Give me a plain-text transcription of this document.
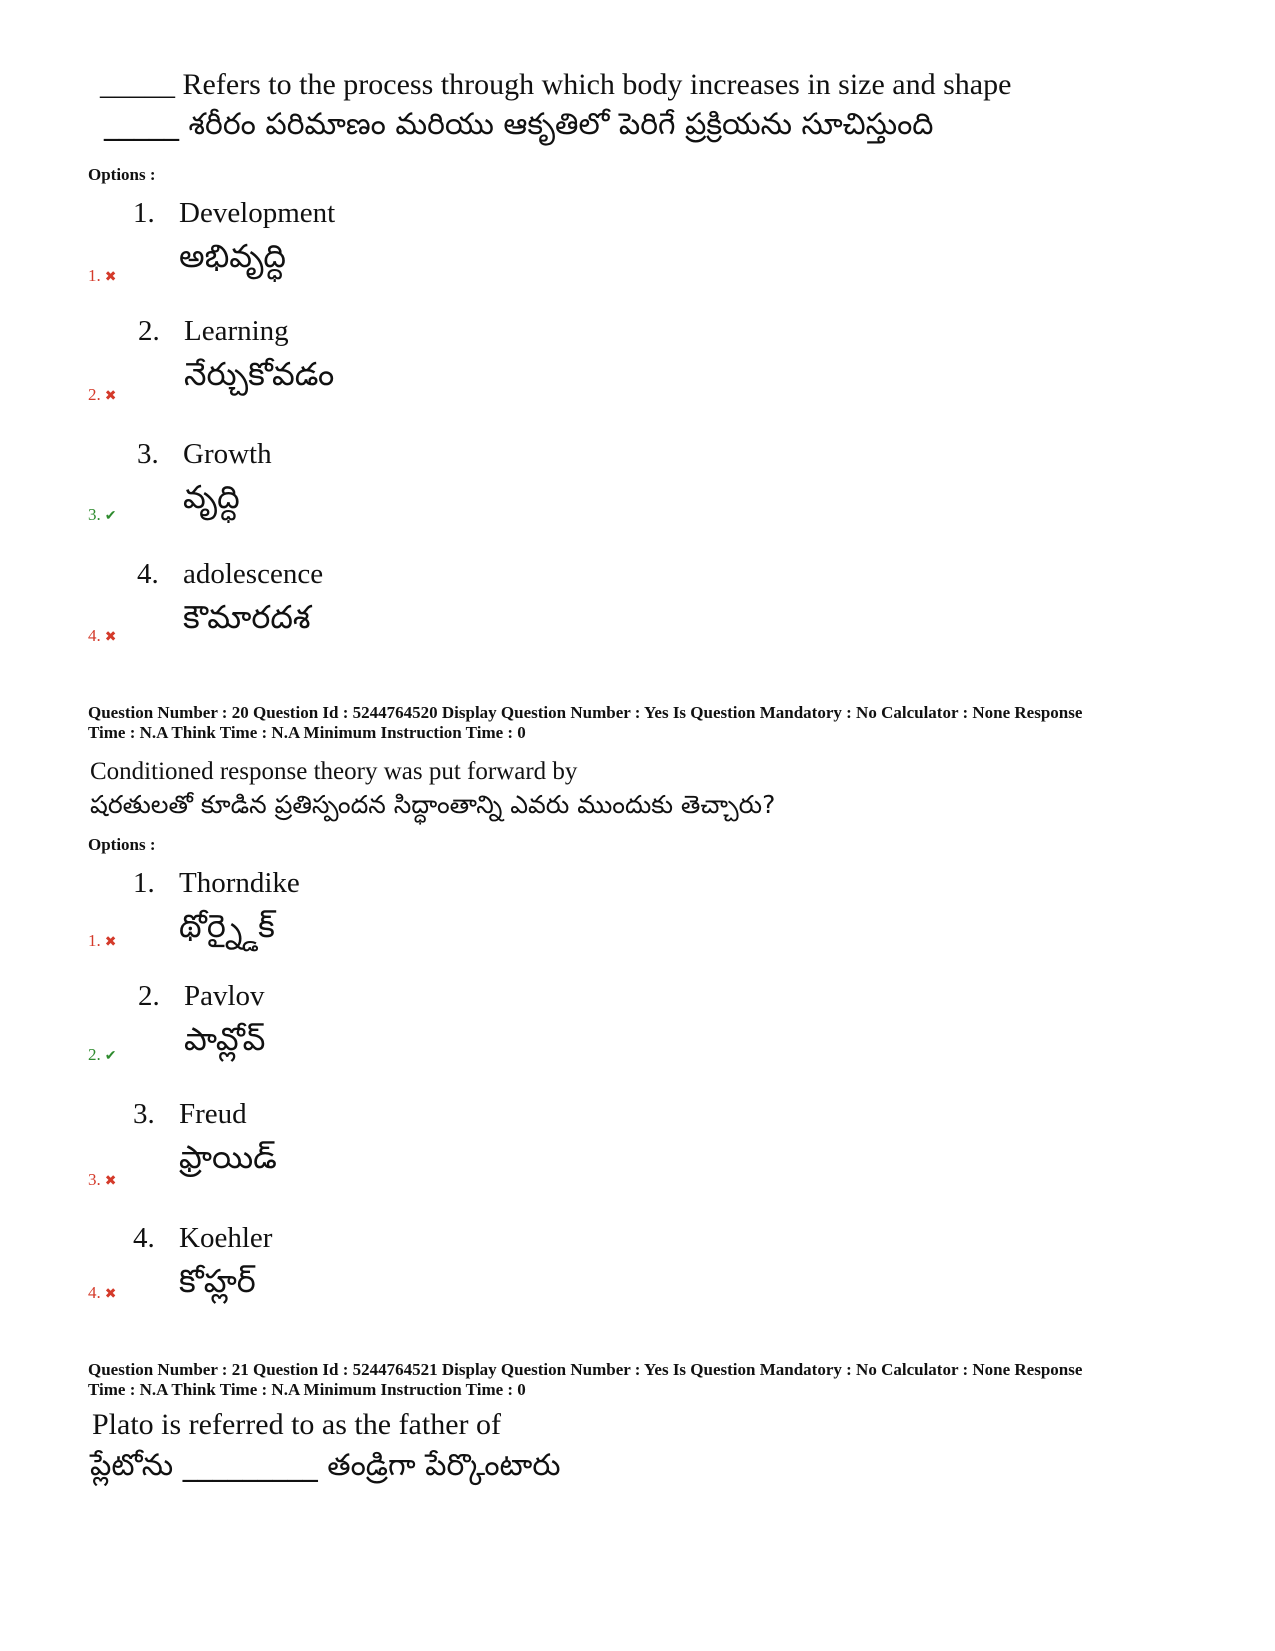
_____ Refers to the process through which body increases in size and shape
_____ శరీరం పరిమాణం మరియు ఆకృతిలో పెరిగే ప్రక్రియను సూచిస్తుంది
Options :
1. Development
అభివృద్ధి
1. ✖
2. Learning
నేర్చుకోవడం
2. ✖
3. Growth
వృద్ధి
3. ✔
4. adolescence
కౌమారదశ
4. ✖
Question Number : 20 Question Id : 5244764520 Display Question Number : Yes Is Question Mandatory : No Calculator : None Response
Time : N.A Think Time : N.A Minimum Instruction Time : 0
Conditioned response theory was put forward by
షరతులతో కూడిన ప్రతిస్పందన సిద్ధాంతాన్ని ఎవరు ముందుకు తెచ్చారు?
Options :
1. Thorndike
థోర్న్డైక్
1. ✖
2. Pavlov
పావ్లోవ్
2. ✔
3. Freud
ఫ్రాయిడ్
3. ✖
4. Koehler
కోహ్లర్
4. ✖
Question Number : 21 Question Id : 5244764521 Display Question Number : Yes Is Question Mandatory : No Calculator : None Response
Time : N.A Think Time : N.A Minimum Instruction Time : 0
Plato is referred to as the father of
ప్లేటోను _________ తండ్రిగా పేర్కొంటారు
